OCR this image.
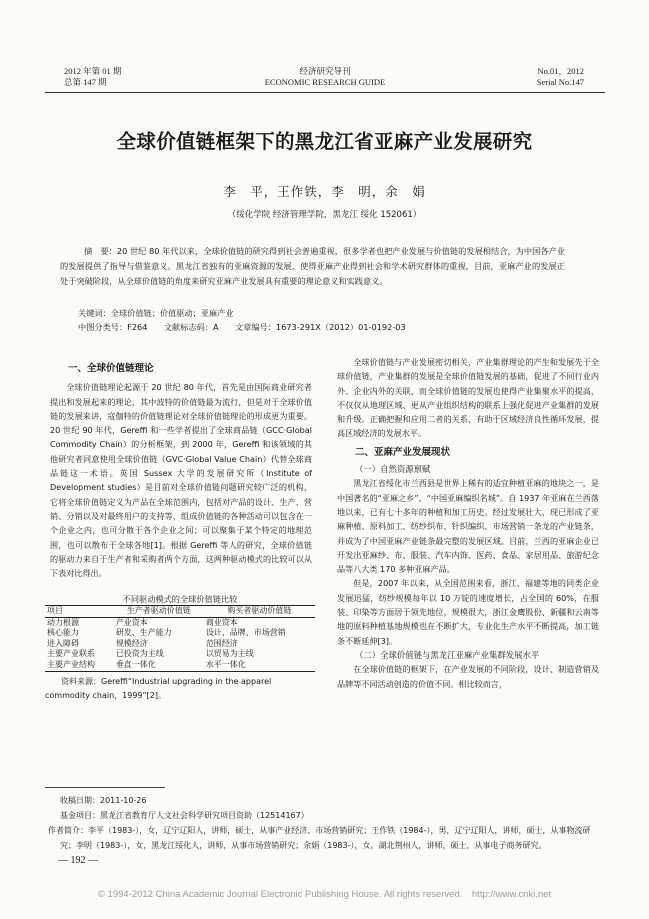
2012 年第 01 期
总第 147 期
经济研究导刊
ECONOMIC RESEARCH GUIDE
No.01，2012
Serial No.147
全球价值链框架下的黑龙江省亚麻产业发展研究
李　平，王作铁，李　明，余　娟
（绥化学院 经济管理学院，黑龙江 绥化 152061）
摘　要：20 世纪 80 年代以来，全球价值链的研究得到社会普遍重视，很多学者也把产业发展与价值链的发展相结合，为中国各产业的发展提供了指导与借鉴意义。黑龙江省独有的亚麻资源的发展，使得亚麻产业得到社会和学术研究群体的重视，目前，亚麻产业的发展正处于突破阶段，从全球价值链的角度来研究亚麻产业发展具有重要的理论意义和实践意义。
关键词：全球价值链；价值驱动；亚麻产业
中图分类号：F264　　文献标志码：A　　文章编号：1673-291X（2012）01-0192-03
一、全球价值链理论

全球价值链理论起源于 20 世纪 80 年代，首先是由国际商业研究者提出和发展起来的理论，其中波特的价值链最为流行，但是对于全球价值链的发展来讲，寇伽特的价值链理论对全球价值链理论的形成更为重要。20 世纪 90 年代，Gereffi 和一些学者提出了全球商品链（GCC·Global Commodity Chain）的分析框架，到 2000 年，Gereffi 和该领域的其他研究者同意使用全球价值链（GVC·Global Value Chain）代替全球商品链这一术语。英国 Sussex 大学的发展研究所（Institute of Development studies）是目前对全球价值链问题研究较广泛的机构，它将全球价值链定义为产品在全球范围内，包括对产品的设计、生产、营销、分销以及对最终用户的支持等，组成价值链的各种活动可以包含在一个企业之内，也可分散于各个企业之间；可以聚集于某个特定的地理范围，也可以散布于全球各地[1]。根据 Gereffi 等人的研究，全球价值链的驱动力来自于生产者和采购者两个方面，这两种驱动模式的比较可以从下表对比得出。

不同驱动模式的全球价值链比较
项目	生产者驱动价值链	购买者驱动价值链
动力根源	产业资本	商业资本
核心能力	研发、生产能力	设计、品牌、市场营销
进入障碍	规模经济	范围经济
主要产业联系	已投资为主线	以贸易为主线
主要产业结构	垂直一体化	水平一体化
资料来源：Gereffi“Industrial upgrading in the apparel commodity chain，1999”[2]。

全球价值链与产业发展密切相关，产业集群理论的产生和发展先于全球价值链，产业集群的发展是全球价值链发展的基础，促进了不同行业内外、企业内外的关联，而全球价值链的发展也使得产业集聚水平的提高，不仅仅从地理区域、更从产业组织结构的联系上强化促进产业集群的发展和升级。正确把握和应用二者的关系，有助于区域经济良性循环发展，提高区域经济的发展水平。

二、亚麻产业发展现状
（一）自然资源禀赋

黑龙江省绥化市兰西县是世界上稀有的适宜种植亚麻的地块之一，是中国著名的“亚麻之乡”、“中国亚麻编织名城”。自 1937 年亚麻在兰西落地以来，已有七十多年的种植和加工历史。经过发展壮大，现已形成了亚麻种植、原料加工、纺纱织布、针织编织、市场营销一条龙的产业链条，并成为了中国亚麻产业链条最完整的发展区域。目前，兰西的亚麻企业已开发出亚麻纱、布、服装、汽车内饰、医药、食品、家居用品、旅游纪念品等八大类 170 多种亚麻产品。

但是，2007 年以来，从全国范围来看，浙江、福建等地的同类企业发展迅猛，纺纱规模每年以 10 万锭的速度增长，占全国的 60%，在服装、印染等方面居于领先地位，规模很大，浙江金鹰股份、新疆和云南等地的原料种植基地规模也在不断扩大，专业化生产水平不断提高，加工链条不断延伸[3]。

（二）全球价值链与黑龙江亚麻产业集群发展水平

在全球价值链的框架下，在产业发展的不同阶段，设计、制造营销及品牌等不同活动创造的价值不同。相比较而言，

收稿日期：2011-10-26
基金项目：黑龙江省教育厅人文社会科学研究项目资助（12514167）
作者简介：李平（1983-），女，辽宁辽阳人，讲师，硕士，从事产业经济、市场营销研究；王作铁（1984-），男，辽宁辽阳人，讲师，硕士，从事物流研究；李明（1983-），女，黑龙江绥化人，讲师，从事市场营销研究；余娟（1983-），女，湖北荆州人，讲师，硕士，从事电子商务研究。
— 192 —
© 1994-2012 China Academic Journal Electronic Publishing House. All rights reserved.　http://www.cnki.net
